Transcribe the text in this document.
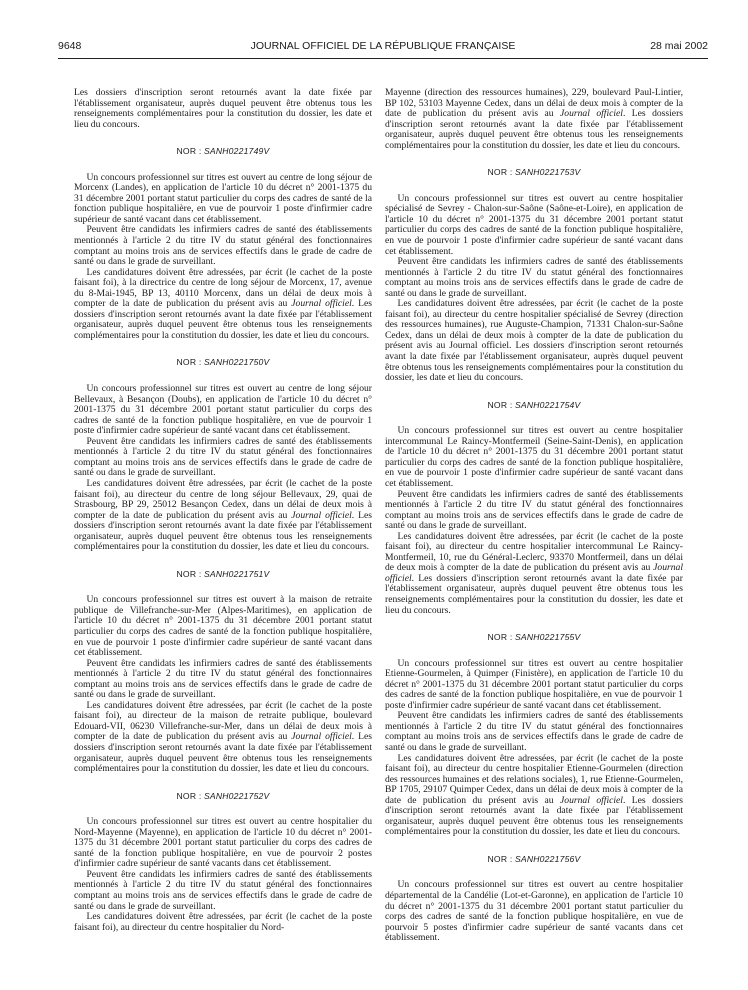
9648	JOURNAL OFFICIEL DE LA RÉPUBLIQUE FRANÇAISE	28 mai 2002

Les dossiers d'inscription seront retournés avant la date fixée par l'établissement organisateur, auprès duquel peuvent être obtenus tous les renseignements complémentaires pour la constitution du dossier, les date et lieu du concours.

NOR : SANH0221749V

Un concours professionnel sur titres est ouvert au centre de long séjour de Morcenx (Landes), en application de l'article 10 du décret n° 2001-1375 du 31 décembre 2001 portant statut particulier du corps des cadres de santé de la fonction publique hospitalière, en vue de pourvoir 1 poste d'infirmier cadre supérieur de santé vacant dans cet établissement.

Peuvent être candidats les infirmiers cadres de santé des établissements mentionnés à l'article 2 du titre IV du statut général des fonctionnaires comptant au moins trois ans de services effectifs dans le grade de cadre de santé ou dans le grade de surveillant.

Les candidatures doivent être adressées, par écrit (le cachet de la poste faisant foi), à la directrice du centre de long séjour de Morcenx, 17, avenue du 8-Mai-1945, BP 13, 40110 Morcenx, dans un délai de deux mois à compter de la date de publication du présent avis au Journal officiel. Les dossiers d'inscription seront retournés avant la date fixée par l'établissement organisateur, auprès duquel peuvent être obtenus tous les renseignements complémentaires pour la constitution du dossier, les date et lieu du concours.

NOR : SANH0221750V

Un concours professionnel sur titres est ouvert au centre de long séjour Bellevaux, à Besançon (Doubs), en application de l'article 10 du décret n° 2001-1375 du 31 décembre 2001 portant statut particulier du corps des cadres de santé de la fonction publique hospitalière, en vue de pourvoir 1 poste d'infirmier cadre supérieur de santé vacant dans cet établissement.

Peuvent être candidats les infirmiers cadres de santé des établissements mentionnés à l'article 2 du titre IV du statut général des fonctionnaires comptant au moins trois ans de services effectifs dans le grade de cadre de santé ou dans le grade de surveillant.

Les candidatures doivent être adressées, par écrit (le cachet de la poste faisant foi), au directeur du centre de long séjour Bellevaux, 29, quai de Strasbourg, BP 29, 25012 Besançon Cedex, dans un délai de deux mois à compter de la date de publication du présent avis au Journal officiel. Les dossiers d'inscription seront retournés avant la date fixée par l'établissement organisateur, auprès duquel peuvent être obtenus tous les renseignements complémentaires pour la constitution du dossier, les date et lieu du concours.

NOR : SANH0221751V

Un concours professionnel sur titres est ouvert à la maison de retraite publique de Villefranche-sur-Mer (Alpes-Maritimes), en application de l'article 10 du décret n° 2001-1375 du 31 décembre 2001 portant statut particulier du corps des cadres de santé de la fonction publique hospitalière, en vue de pourvoir 1 poste d'infirmier cadre supérieur de santé vacant dans cet établissement.

Peuvent être candidats les infirmiers cadres de santé des établissements mentionnés à l'article 2 du titre IV du statut général des fonctionnaires comptant au moins trois ans de services effectifs dans le grade de cadre de santé ou dans le grade de surveillant.

Les candidatures doivent être adressées, par écrit (le cachet de la poste faisant foi), au directeur de la maison de retraite publique, boulevard Edouard-VII, 06230 Villefranche-sur-Mer, dans un délai de deux mois à compter de la date de publication du présent avis au Journal officiel. Les dossiers d'inscription seront retournés avant la date fixée par l'établissement organisateur, auprès duquel peuvent être obtenus tous les renseignements complémentaires pour la constitution du dossier, les date et lieu du concours.

NOR : SANH0221752V

Un concours professionnel sur titres est ouvert au centre hospitalier du Nord-Mayenne (Mayenne), en application de l'article 10 du décret n° 2001-1375 du 31 décembre 2001 portant statut particulier du corps des cadres de santé de la fonction publique hospitalière, en vue de pourvoir 2 postes d'infirmier cadre supérieur de santé vacants dans cet établissement.

Peuvent être candidats les infirmiers cadres de santé des établissements mentionnés à l'article 2 du titre IV du statut général des fonctionnaires comptant au moins trois ans de services effectifs dans le grade de cadre de santé ou dans le grade de surveillant.

Les candidatures doivent être adressées, par écrit (le cachet de la poste faisant foi), au directeur du centre hospitalier du Nord-

Mayenne (direction des ressources humaines), 229, boulevard Paul-Lintier, BP 102, 53103 Mayenne Cedex, dans un délai de deux mois à compter de la date de publication du présent avis au Journal officiel. Les dossiers d'inscription seront retournés avant la date fixée par l'établissement organisateur, auprès duquel peuvent être obtenus tous les renseignements complémentaires pour la constitution du dossier, les date et lieu du concours.

NOR : SANH0221753V

Un concours professionnel sur titres est ouvert au centre hospitalier spécialisé de Sevrey - Chalon-sur-Saône (Saône-et-Loire), en application de l'article 10 du décret n° 2001-1375 du 31 décembre 2001 portant statut particulier du corps des cadres de santé de la fonction publique hospitalière, en vue de pourvoir 1 poste d'infirmier cadre supérieur de santé vacant dans cet établissement.

Peuvent être candidats les infirmiers cadres de santé des établissements mentionnés à l'article 2 du titre IV du statut général des fonctionnaires comptant au moins trois ans de services effectifs dans le grade de cadre de santé ou dans le grade de surveillant.

Les candidatures doivent être adressées, par écrit (le cachet de la poste faisant foi), au directeur du centre hospitalier spécialisé de Sevrey (direction des ressources humaines), rue Auguste-Champion, 71331 Chalon-sur-Saône Cedex, dans un délai de deux mois à compter de la date de publication du présent avis au Journal officiel. Les dossiers d'inscription seront retournés avant la date fixée par l'établissement organisateur, auprès duquel peuvent être obtenus tous les renseignements complémentaires pour la constitution du dossier, les date et lieu du concours.

NOR : SANH0221754V

Un concours professionnel sur titres est ouvert au centre hospitalier intercommunal Le Raincy-Montfermeil (Seine-Saint-Denis), en application de l'article 10 du décret n° 2001-1375 du 31 décembre 2001 portant statut particulier du corps des cadres de santé de la fonction publique hospitalière, en vue de pourvoir 1 poste d'infirmier cadre supérieur de santé vacant dans cet établissement.

Peuvent être candidats les infirmiers cadres de santé des établissements mentionnés à l'article 2 du titre IV du statut général des fonctionnaires comptant au moins trois ans de services effectifs dans le grade de cadre de santé ou dans le grade de surveillant.

Les candidatures doivent être adressées, par écrit (le cachet de la poste faisant foi), au directeur du centre hospitalier intercommunal Le Raincy-Montfermeil, 10, rue du Général-Leclerc, 93370 Montfermeil, dans un délai de deux mois à compter de la date de publication du présent avis au Journal officiel. Les dossiers d'inscription seront retournés avant la date fixée par l'établissement organisateur, auprès duquel peuvent être obtenus tous les renseignements complémentaires pour la constitution du dossier, les date et lieu du concours.

NOR : SANH0221755V

Un concours professionnel sur titres est ouvert au centre hospitalier Etienne-Gourmelen, à Quimper (Finistère), en application de l'article 10 du décret n° 2001-1375 du 31 décembre 2001 portant statut particulier du corps des cadres de santé de la fonction publique hospitalière, en vue de pourvoir 1 poste d'infirmier cadre supérieur de santé vacant dans cet établissement.

Peuvent être candidats les infirmiers cadres de santé des établissements mentionnés à l'article 2 du titre IV du statut général des fonctionnaires comptant au moins trois ans de services effectifs dans le grade de cadre de santé ou dans le grade de surveillant.

Les candidatures doivent être adressées, par écrit (le cachet de la poste faisant foi), au directeur du centre hospitalier Etienne-Gourmelen (direction des ressources humaines et des relations sociales), 1, rue Etienne-Gourmelen, BP 1705, 29107 Quimper Cedex, dans un délai de deux mois à compter de la date de publication du présent avis au Journal officiel. Les dossiers d'inscription seront retournés avant la date fixée par l'établissement organisateur, auprès duquel peuvent être obtenus tous les renseignements complémentaires pour la constitution du dossier, les date et lieu du concours.

NOR : SANH0221756V

Un concours professionnel sur titres est ouvert au centre hospitalier départemental de la Candélie (Lot-et-Garonne), en application de l'article 10 du décret n° 2001-1375 du 31 décembre 2001 portant statut particulier du corps des cadres de santé de la fonction publique hospitalière, en vue de pourvoir 5 postes d'infirmier cadre supérieur de santé vacants dans cet établissement.
